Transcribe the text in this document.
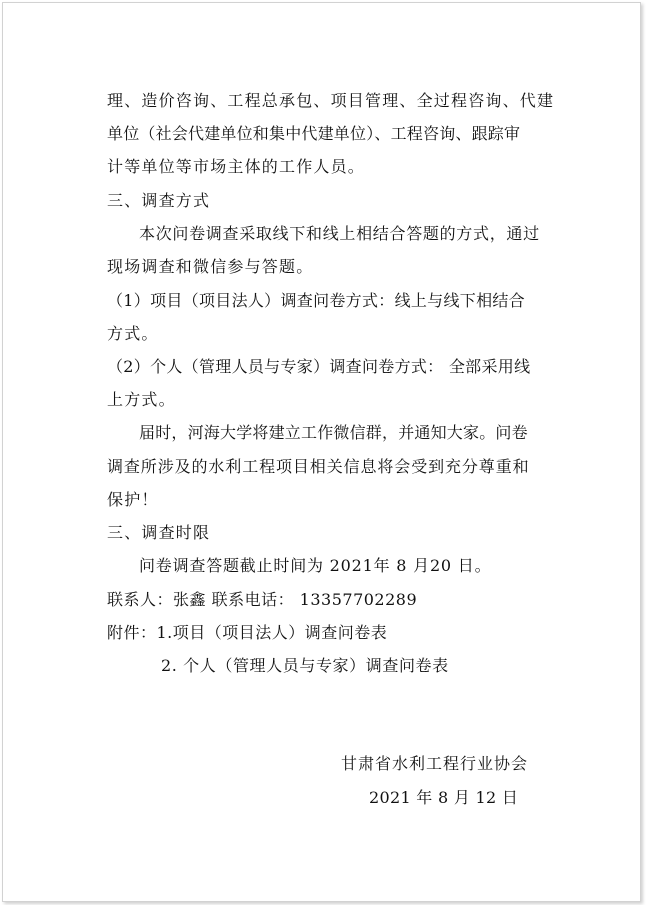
理、造价咨询、工程总承包、项目管理、全过程咨询、代建
单位（社会代建单位和集中代建单位）、工程咨询、跟踪审
计等单位等市场主体的工作人员。
三、调查方式
本次问卷调查采取线下和线上相结合答题的方式，通过
现场调查和微信参与答题。
（1）项目（项目法人）调查问卷方式：线上与线下相结合
方式。
（2）个人（管理人员与专家）调查问卷方式： 全部采用线
上方式。
届时，河海大学将建立工作微信群，并通知大家。问卷
调查所涉及的水利工程项目相关信息将会受到充分尊重和
保护！
三、调查时限
问卷调查答题截止时间为 2021年 8 月20 日。
联系人：张鑫 联系电话： 13357702289
附件：1.项目（项目法人）调查问卷表
2. 个人（管理人员与专家）调查问卷表
甘肃省水利工程行业协会
2021 年 8 月 12 日
